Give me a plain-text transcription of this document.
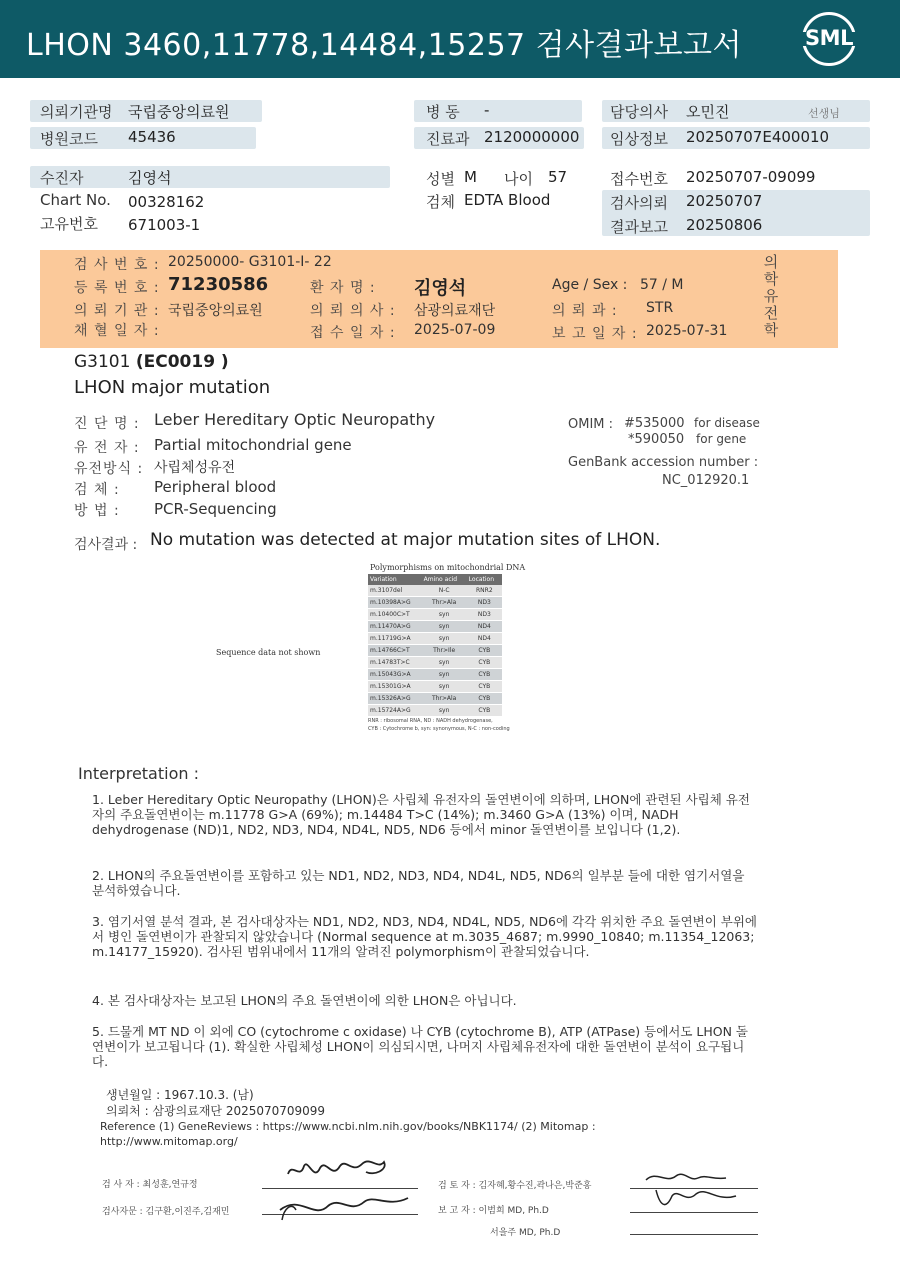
LHON 3460,11778,14484,15257 검사결과보고서	SML
의뢰기관명 국립중앙의료원
병원코드 45436
수진자	김영석
Chart No. 00328162
고유번호 671003-1
병 동 -
진료과 2120000000
성별 M 나이 57
검체 EDTA Blood
담당의사 오민진	선생님
임상정보 20250707E400010
접수번호 20250707-09099
검사의뢰 20250707
결과보고 20250806
검 사 번 호 : 20250000- G3101-I- 22
등 록 번 호 : 71230586	환 자 명 : 김영석	Age / Sex : 57 / M
의 뢰 기 관 : 국립중앙의료원	의 뢰 의 사 : 삼광의료재단	의 뢰 과 : STR
채 혈 일 자 :	접 수 일 자 : 2025-07-09	보 고 일 자 : 2025-07-31
의학유전학
G3101 (EC0019 )
LHON major mutation
진 단 명 : Leber Hereditary Optic Neuropathy
유 전 자 : Partial mitochondrial gene
유전방식 : 사립체성유전
검 체 : Peripheral blood
방 법 : PCR-Sequencing
OMIM : #535000 for disease
*590050 for gene
GenBank accession number :
NC_012920.1
검사결과 : No mutation was detected at major mutation sites of LHON.
Sequence data not shown
Polymorphisms on mitochondrial DNA
Variation	Amino acid	Location
m.3107del	N-C	RNR2
m.10398A>G	Thr>Ala	ND3
m.10400C>T	syn	ND3
m.11470A>G	syn	ND4
m.11719G>A	syn	ND4
m.14766C>T	Thr>Ile	CYB
m.14783T>C	syn	CYB
m.15043G>A	syn	CYB
m.15301G>A	syn	CYB
m.15326A>G	Thr>Ala	CYB
m.15724A>G	syn	CYB
RNR : ribosomal RNA, ND : NADH dehydrogenase,
CYB : Cytochrome b, syn: synonymous, N-C : non-coding
Interpretation :
1. Leber Hereditary Optic Neuropathy (LHON)은 사립체 유전자의 돌연변이에 의하며, LHON에 관련된 사립체 유전자의 주요돌연변이는 m.11778 G>A (69%); m.14484 T>C (14%); m.3460 G>A (13%) 이며, NADH dehydrogenase (ND)1, ND2, ND3, ND4, ND4L, ND5, ND6 등에서 minor 돌연변이를 보입니다 (1,2).
2. LHON의 주요돌연변이를 포함하고 있는 ND1, ND2, ND3, ND4, ND4L, ND5, ND6의 일부분 들에 대한 염기서열을 분석하였습니다.
3. 염기서열 분석 결과, 본 검사대상자는 ND1, ND2, ND3, ND4, ND4L, ND5, ND6에 각각 위치한 주요 돌연변이 부위에서 병인 돌연변이가 관찰되지 않았습니다 (Normal sequence at m.3035_4687; m.9990_10840; m.11354_12063; m.14177_15920). 검사된 범위내에서 11개의 알려진 polymorphism이 관찰되었습니다.
4. 본 검사대상자는 보고된 LHON의 주요 돌연변이에 의한 LHON은 아닙니다.
5. 드물게 MT ND 이 외에 CO (cytochrome c oxidase) 나 CYB (cytochrome B), ATP (ATPase) 등에서도 LHON 돌연변이가 보고됩니다 (1). 확실한 사립체성 LHON이 의심되시면, 나머지 사립체유전자에 대한 돌연변이 분석이 요구됩니다.
생년월일 : 1967.10.3. (남)
의뢰처 : 삼광의료재단 2025070709099
Reference (1) GeneReviews : https://www.ncbi.nlm.nih.gov/books/NBK1174/ (2) Mitomap :
http://www.mitomap.org/
검 사 자 : 최성훈,연규정
검사자문 : 김구환,이진주,김재민
검 토 자 : 김자혜,황수진,곽나은,박준홍
보 고 자 : 이범희 MD, Ph.D
서을주 MD, Ph.D
